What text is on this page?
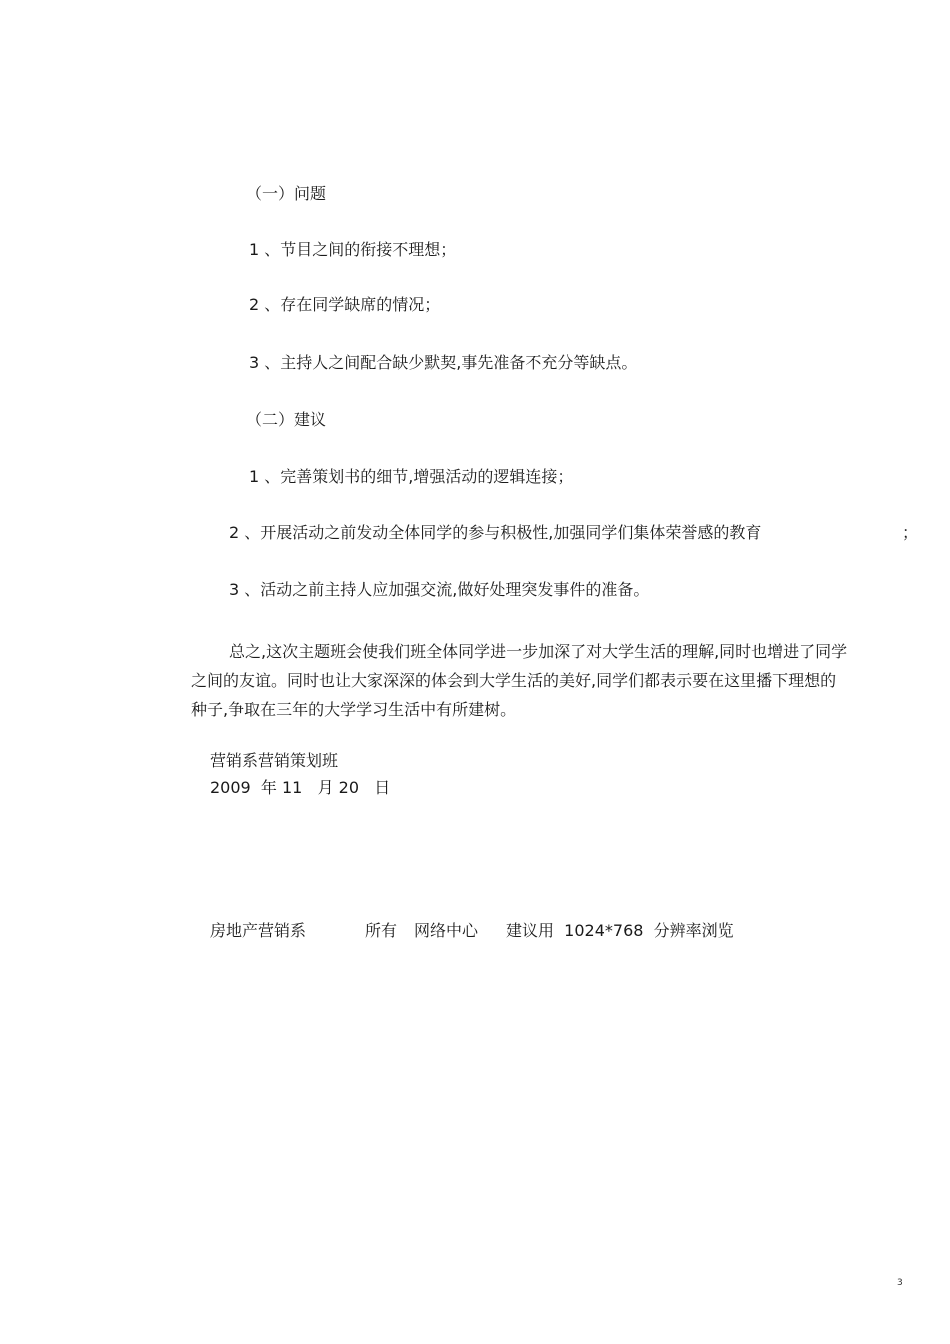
（一）问题
1 、节目之间的衔接不理想；
2 、存在同学缺席的情况；
3 、主持人之间配合缺少默契,事先准备不充分等缺点。
（二）建议
1 、完善策划书的细节,增强活动的逻辑连接；
2 、开展活动之前发动全体同学的参与积极性,加强同学们集体荣誉感的教育	；
3 、活动之前主持人应加强交流,做好处理突发事件的准备。
总之,这次主题班会使我们班全体同学进一步加深了对大学生活的理解,同时也增进了同学之间的友谊。同时也让大家深深的体会到大学生活的美好,同学们都表示要在这里播下理想的种子,争取在三年的大学学习生活中有所建树。
营销系营销策划班
2009  年 11   月 20   日
房地产营销系	所有 网络中心 建议用  1024*768  分辨率浏览
3
